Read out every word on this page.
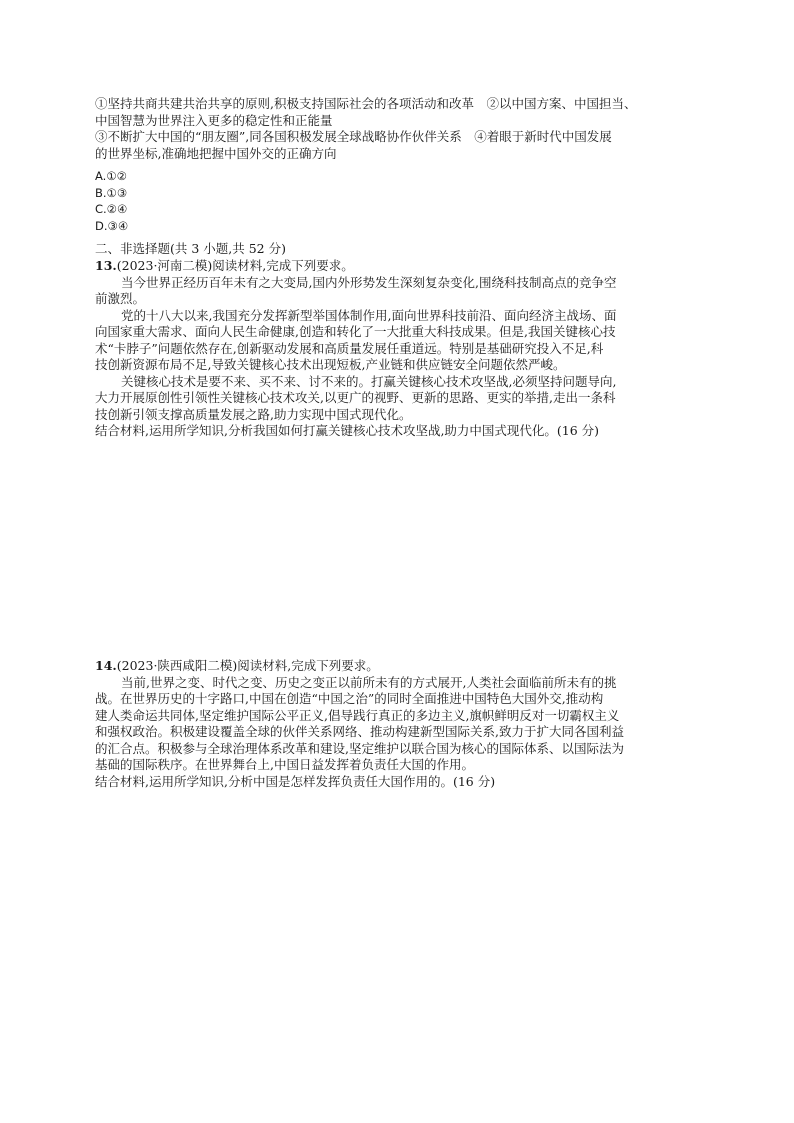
①坚持共商共建共治共享的原则,积极支持国际社会的各项活动和改革　②以中国方案、中国担当、
中国智慧为世界注入更多的稳定性和正能量
③不断扩大中国的“朋友圈”,同各国积极发展全球战略协作伙伴关系　④着眼于新时代中国发展
的世界坐标,准确地把握中国外交的正确方向
A.①②
B.①③
C.②④
D.③④
二、非选择题(共 3 小题,共 52 分)
13.(2023·河南二模)阅读材料,完成下列要求。
当今世界正经历百年未有之大变局,国内外形势发生深刻复杂变化,围绕科技制高点的竞争空
前激烈。
党的十八大以来,我国充分发挥新型举国体制作用,面向世界科技前沿、面向经济主战场、面
向国家重大需求、面向人民生命健康,创造和转化了一大批重大科技成果。但是,我国关键核心技
术“卡脖子”问题依然存在,创新驱动发展和高质量发展任重道远。特别是基础研究投入不足,科
技创新资源布局不足,导致关键核心技术出现短板,产业链和供应链安全问题依然严峻。
关键核心技术是要不来、买不来、讨不来的。打赢关键核心技术攻坚战,必须坚持问题导向,
大力开展原创性引领性关键核心技术攻关,以更广的视野、更新的思路、更实的举措,走出一条科
技创新引领支撑高质量发展之路,助力实现中国式现代化。
结合材料,运用所学知识,分析我国如何打赢关键核心技术攻坚战,助力中国式现代化。(16 分)
14.(2023·陕西咸阳二模)阅读材料,完成下列要求。
当前,世界之变、时代之变、历史之变正以前所未有的方式展开,人类社会面临前所未有的挑
战。在世界历史的十字路口,中国在创造“中国之治”的同时全面推进中国特色大国外交,推动构
建人类命运共同体,坚定维护国际公平正义,倡导践行真正的多边主义,旗帜鲜明反对一切霸权主义
和强权政治。积极建设覆盖全球的伙伴关系网络、推动构建新型国际关系,致力于扩大同各国利益
的汇合点。积极参与全球治理体系改革和建设,坚定维护以联合国为核心的国际体系、以国际法为
基础的国际秩序。在世界舞台上,中国日益发挥着负责任大国的作用。
结合材料,运用所学知识,分析中国是怎样发挥负责任大国作用的。(16 分)
